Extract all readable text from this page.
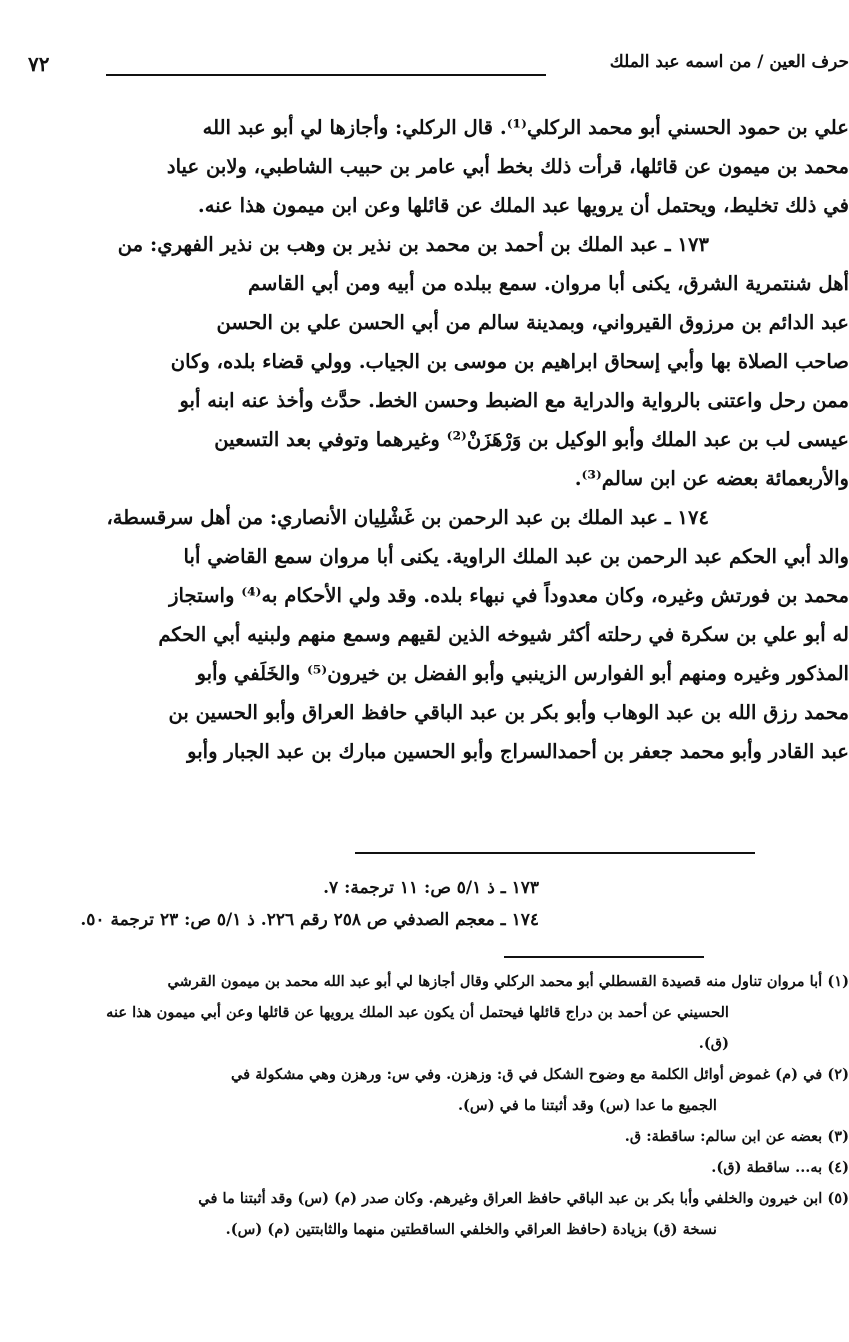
حرف العين / من اسمه عبد الملك
٧٢
علي بن حمود الحسني أبو محمد الركلي⁽¹⁾. قال الركلي: وأجازها لي أبو عبد الله
محمد بن ميمون عن قائلها، قرأت ذلك بخط أبي عامر بن حبيب الشاطبي، ولابن عياد
في ذلك تخليط، ويحتمل أن يرويها عبد الملك عن قائلها وعن ابن ميمون هذا عنه.
١٧٣ ـ عبد الملك بن أحمد بن محمد بن نذير بن وهب بن نذير الفهري: من
أهل شنتمرية الشرق، يكنى أبا مروان. سمع ببلده من أبيه ومن أبي القاسم
عبد الدائم بن مرزوق القيرواني، وبمدينة سالم من أبي الحسن علي بن الحسن
صاحب الصلاة بها وأبي إسحاق ابراهيم بن موسى بن الجياب. وولي قضاء بلده، وكان
ممن رحل واعتنى بالرواية والدراية مع الضبط وحسن الخط. حدَّث وأخذ عنه ابنه أبو
عيسى لب بن عبد الملك وأبو الوكيل بن وَرْهَزَنْ⁽²⁾ وغيرهما وتوفي بعد التسعين
والأربعمائة بعضه عن ابن سالم⁽³⁾.
١٧٤ ـ عبد الملك بن عبد الرحمن بن غَشْلِيان الأنصاري: من أهل سرقسطة،
والد أبي الحكم عبد الرحمن بن عبد الملك الراوية. يكنى أبا مروان سمع القاضي أبا
محمد بن فورتش وغيره، وكان معدوداً في نبهاء بلده. وقد ولي الأحكام به⁽⁴⁾ واستجاز
له أبو علي بن سكرة في رحلته أكثر شيوخه الذين لقيهم وسمع منهم ولبنيه أبي الحكم
المذكور وغيره ومنهم أبو الفوارس الزينبي وأبو الفضل بن خيرون⁽⁵⁾ والخَلَفي وأبو
محمد رزق الله بن عبد الوهاب وأبو بكر بن عبد الباقي حافظ العراق وأبو الحسين بن
عبد القادر وأبو محمد جعفر بن أحمدالسراج وأبو الحسين مبارك بن عبد الجبار وأبو
١٧٣ ـ ذ ٥/١ ص: ١١ ترجمة: ٧.
١٧٤ ـ معجم الصدفي ص ٢٥٨ رقم ٢٢٦. ذ ٥/١ ص: ٢٣ ترجمة ٥٠.
(١) أبا مروان تناول منه قصيدة القسطلي أبو محمد الركلي وقال أجازها لي أبو عبد الله محمد بن ميمون القرشي
الحسيني عن أحمد بن دراج قائلها فيحتمل أن يكون عبد الملك يرويها عن قائلها وعن أبي ميمون هذا عنه
(ق).
(٢) في (م) غموض أوائل الكلمة مع وضوح الشكل في ق: وزهزن. وفي س: ورهزن وهي مشكولة في
الجميع ما عدا (س) وقد أثبتنا ما في (س).
(٣) بعضه عن ابن سالم: ساقطة: ق.
(٤) به... ساقطة (ق).
(٥) ابن خيرون والخلفي وأبا بكر بن عبد الباقي حافظ العراق وغيرهم. وكان صدر (م) (س) وقد أثبتنا ما في
نسخة (ق) بزيادة (حافظ العراقي والخلفي الساقطتين منهما والثابتتين (م) (س).
